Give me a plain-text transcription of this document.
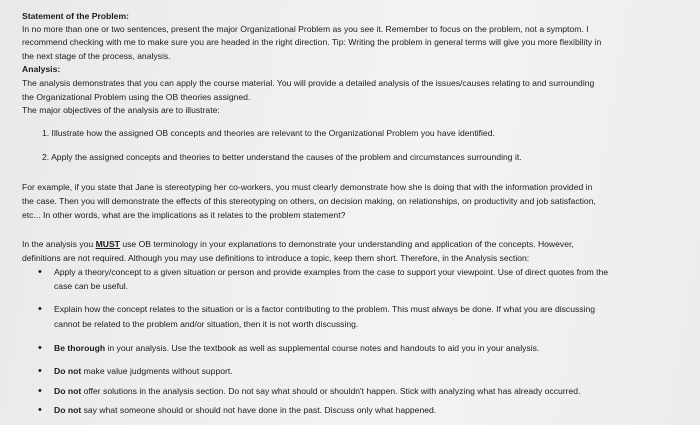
Statement of the Problem:
In no more than one or two sentences, present the major Organizational Problem as you see it. Remember to focus on the problem, not a symptom. I
recommend checking with me to make sure you are headed in the right direction. Tip: Writing the problem in general terms will give you more flexibility in
the next stage of the process, analysis.
Analysis:
The analysis demonstrates that you can apply the course material. You will provide a detailed analysis of the issues/causes relating to and surrounding
the Organizational Problem using the OB theories assigned.
The major objectives of the analysis are to illustrate:
1. Illustrate how the assigned OB concepts and theories are relevant to the Organizational Problem you have identified.
2. Apply the assigned concepts and theories to better understand the causes of the problem and circumstances surrounding it.
For example, if you state that Jane is stereotyping her co-workers, you must clearly demonstrate how she is doing that with the information provided in
the case. Then you will demonstrate the effects of this stereotyping on others, on decision making, on relationships, on productivity and job satisfaction,
etc... In other words, what are the implications as it relates to the problem statement?
In the analysis you MUST use OB terminology in your explanations to demonstrate your understanding and application of the concepts. However,
definitions are not required. Although you may use definitions to introduce a topic, keep them short. Therefore, in the Analysis section:
• Apply a theory/concept to a given situation or person and provide examples from the case to support your viewpoint. Use of direct quotes from the
case can be useful.
• Explain how the concept relates to the situation or is a factor contributing to the problem. This must always be done. If what you are discussing
cannot be related to the problem and/or situation, then it is not worth discussing.
• Be thorough in your analysis. Use the textbook as well as supplemental course notes and handouts to aid you in your analysis.
• Do not make value judgments without support.
• Do not offer solutions in the analysis section. Do not say what should or shouldn't happen. Stick with analyzing what has already occurred.
• Do not say what someone should or should not have done in the past. Discuss only what happened.
